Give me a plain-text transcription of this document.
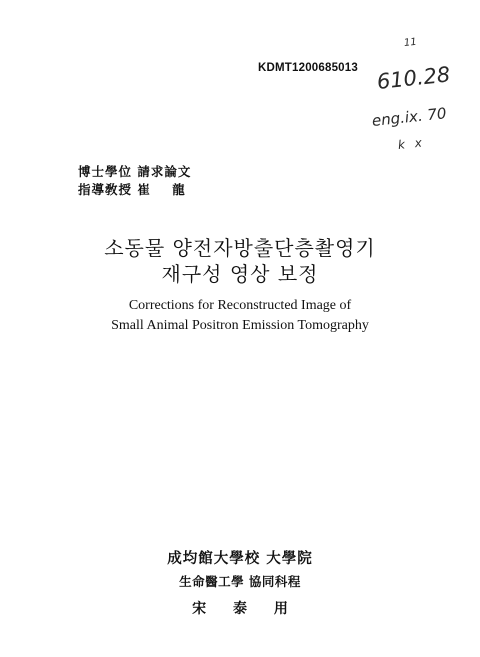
KDMT1200685013
11
610.28
eng.ix. 70
k x
博士學位 請求論文
指導敎授 崔    龍
소동물 양전자방출단층촬영기
재구성 영상 보정
Corrections for Reconstructed Image of
Small Animal Positron Emission Tomography
成均館大學校 大學院
生命醫工學 協同科程
宋 泰 用
